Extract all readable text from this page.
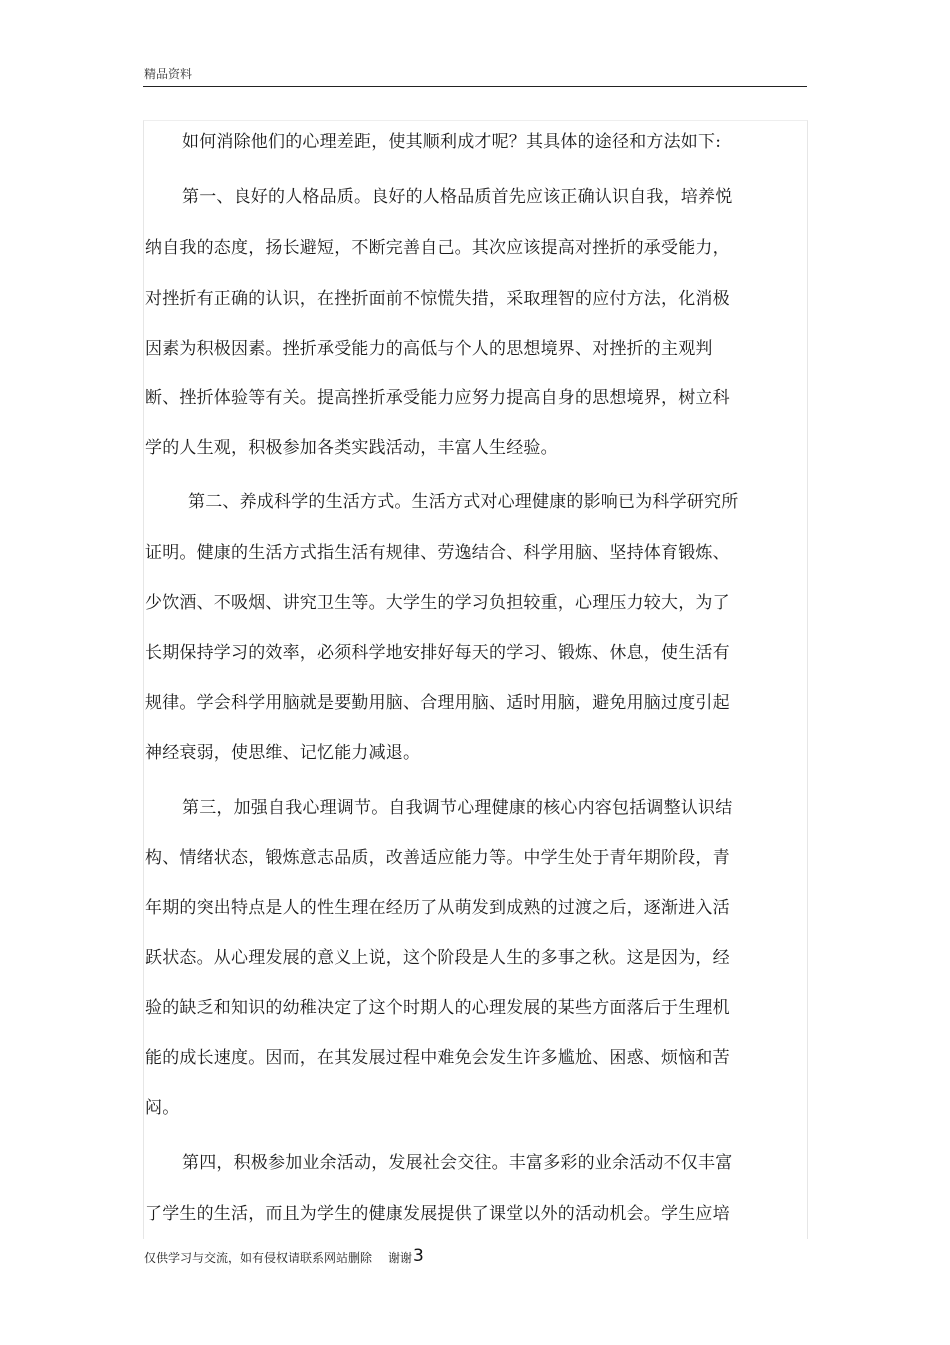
精品资料
如何消除他们的心理差距，使其顺利成才呢？其具体的途径和方法如下:
第一、良好的人格品质。良好的人格品质首先应该正确认识自我，培养悦
纳自我的态度，扬长避短，不断完善自己。其次应该提高对挫折的承受能力，
对挫折有正确的认识，在挫折面前不惊慌失措，采取理智的应付方法，化消极
因素为积极因素。挫折承受能力的高低与个人的思想境界、对挫折的主观判
断、挫折体验等有关。提高挫折承受能力应努力提高自身的思想境界，树立科
学的人生观，积极参加各类实践活动，丰富人生经验。
第二、养成科学的生活方式。生活方式对心理健康的影响已为科学研究所
证明。健康的生活方式指生活有规律、劳逸结合、科学用脑、坚持体育锻炼、
少饮酒、不吸烟、讲究卫生等。大学生的学习负担较重，心理压力较大，为了
长期保持学习的效率，必须科学地安排好每天的学习、锻炼、休息，使生活有
规律。学会科学用脑就是要勤用脑、合理用脑、适时用脑，避免用脑过度引起
神经衰弱，使思维、记忆能力减退。
第三，加强自我心理调节。自我调节心理健康的核心内容包括调整认识结
构、情绪状态，锻炼意志品质，改善适应能力等。中学生处于青年期阶段，青
年期的突出特点是人的性生理在经历了从萌发到成熟的过渡之后，逐渐进入活
跃状态。从心理发展的意义上说，这个阶段是人生的多事之秋。这是因为，经
验的缺乏和知识的幼稚决定了这个时期人的心理发展的某些方面落后于生理机
能的成长速度。因而，在其发展过程中难免会发生许多尴尬、困惑、烦恼和苦
闷。
第四，积极参加业余活动，发展社会交往。丰富多彩的业余活动不仅丰富
了学生的生活，而且为学生的健康发展提供了课堂以外的活动机会。学生应培
仅供学习与交流，如有侵权请联系网站删除 谢谢 3
